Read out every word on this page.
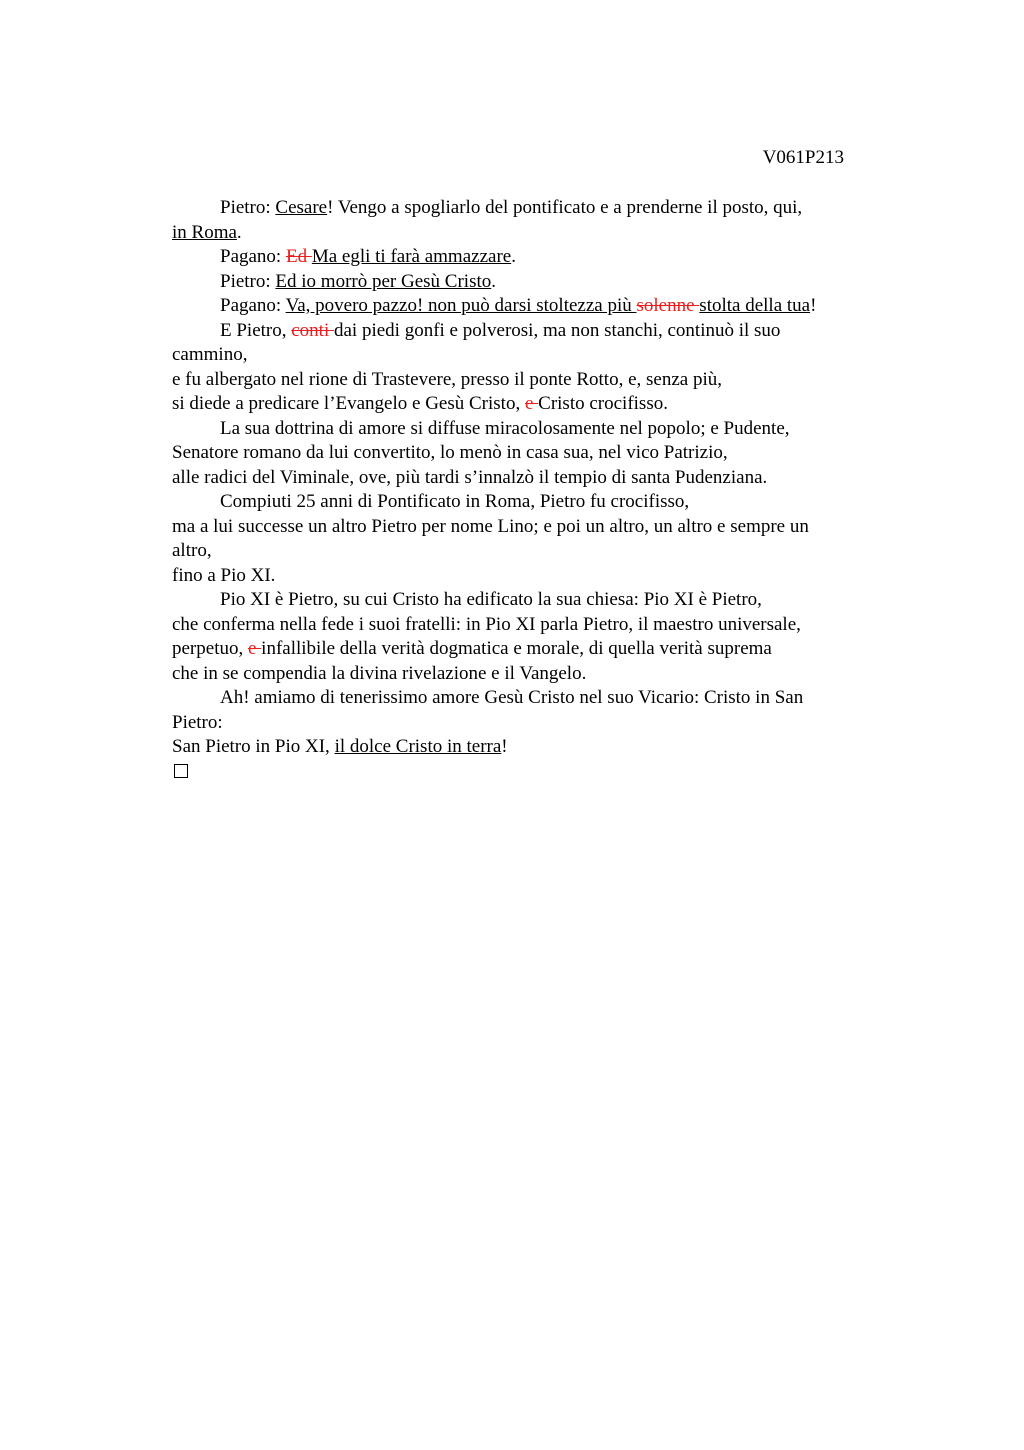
V061P213
Pietro: Cesare! Vengo a spogliarlo del pontificato e a prenderne il posto, qui,
in Roma.
Pagano: Ed Ma egli ti farà ammazzare.
Pietro: Ed io morrò per Gesù Cristo.
Pagano: Va, povero pazzo! non può darsi stoltezza più solenne stolta della tua!
E Pietro, conti dai piedi gonfi e polverosi, ma non stanchi, continuò il suo
cammino,
e fu albergato nel rione di Trastevere, presso il ponte Rotto, e, senza più,
si diede a predicare l’Evangelo e Gesù Cristo, e Cristo crocifisso.
La sua dottrina di amore si diffuse miracolosamente nel popolo; e Pudente,
Senatore romano da lui convertito, lo menò in casa sua, nel vico Patrizio,
alle radici del Viminale, ove, più tardi s’innalzò il tempio di santa Pudenziana.
Compiuti 25 anni di Pontificato in Roma, Pietro fu crocifisso,
ma a lui successe un altro Pietro per nome Lino; e poi un altro, un altro e sempre un
altro,
fino a Pio XI.
Pio XI è Pietro, su cui Cristo ha edificato la sua chiesa: Pio XI è Pietro,
che conferma nella fede i suoi fratelli: in Pio XI parla Pietro, il maestro universale,
perpetuo, e infallibile della verità dogmatica e morale, di quella verità suprema
che in se compendia la divina rivelazione e il Vangelo.
Ah! amiamo di tenerissimo amore Gesù Cristo nel suo Vicario: Cristo in San
Pietro:
San Pietro in Pio XI, il dolce Cristo in terra!
